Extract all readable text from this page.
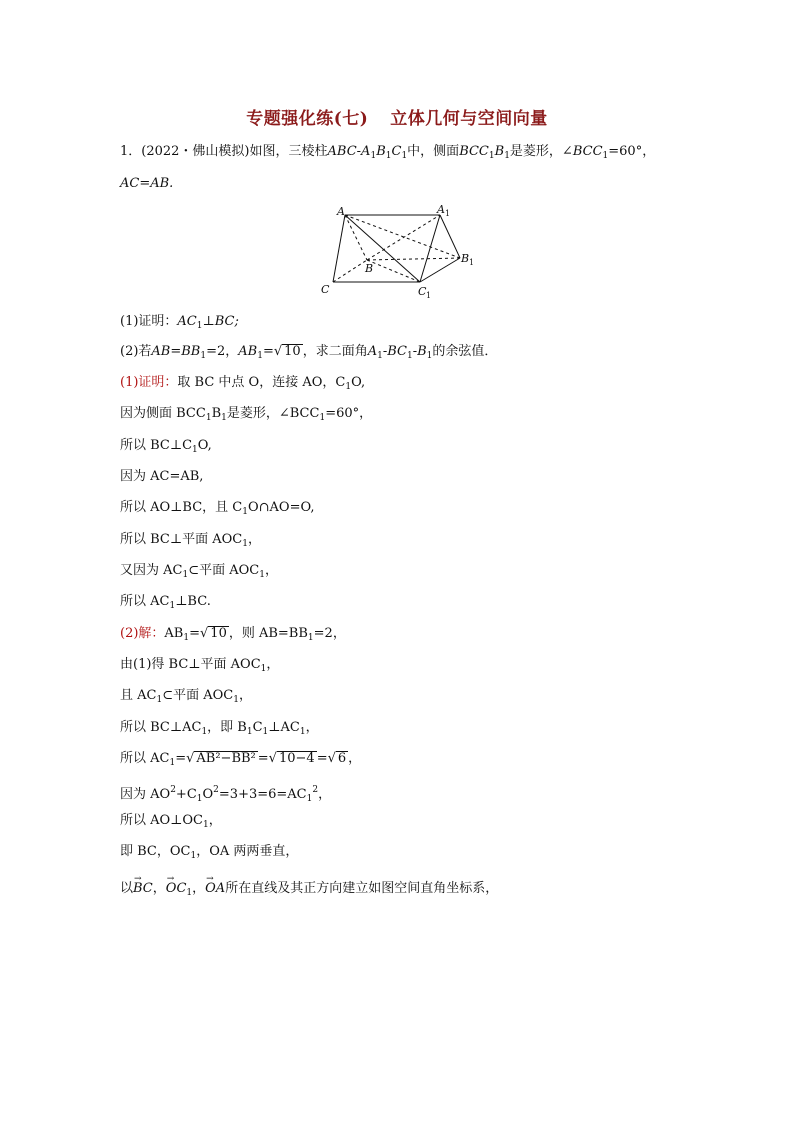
专题强化练(七) 立体几何与空间向量
1．(2022・佛山模拟)如图，三棱柱ABC-$A_1B_1C_1$中，侧面$BCC_1B_1$是菱形，$\angle BCC_1=60^\circ$，
AC=AB.
A	A 1
B
B 1
C	C 1
(1)证明：$AC_1\perp BC$;
(2)若$AB=BB_1=2$，$AB_1=√$ 10 ，求二面角$A_1-BC_1-B_1$的余弦值．
(1)证明：取 BC 中点 O，连接 AO，$C_1O$,
因为侧面 $BCC_1B_1$是菱形，$\angle BCC_1=60^\circ$，
所以 $BC\perp C_1O$,
因为 AC=AB,
所以 AO⊥BC，且 $C_1O\cap AO=O$,
所以 BC⊥平面 $AOC_1$，
又因为 $AC_1\subset$平面 $AOC_1$，
所以 $AC_1\perp BC$.
(2)解：$AB_1=√$ 10 ，则 $AB=BB_1=2$，
由(1)得 BC⊥平面 $AOC_1$，
且 $AC_1\subset$平面 $AOC_1$，
所以 $BC\perp AC_1$，即 $B_1C_1\perp AC_1$，
所以 $AC_1=√$ AB²−BB² =√ 10−4 =√ 6 ，
因为 $AO^2+C_1O^2=3+3=6=AC_1^2$，
所以 $AO\perp OC_1$，
即 BC，$OC_1$，OA 两两垂直，
以→ BC，→ $OC_1$，→ OA所在直线及其正方向建立如图空间直角坐标系，
